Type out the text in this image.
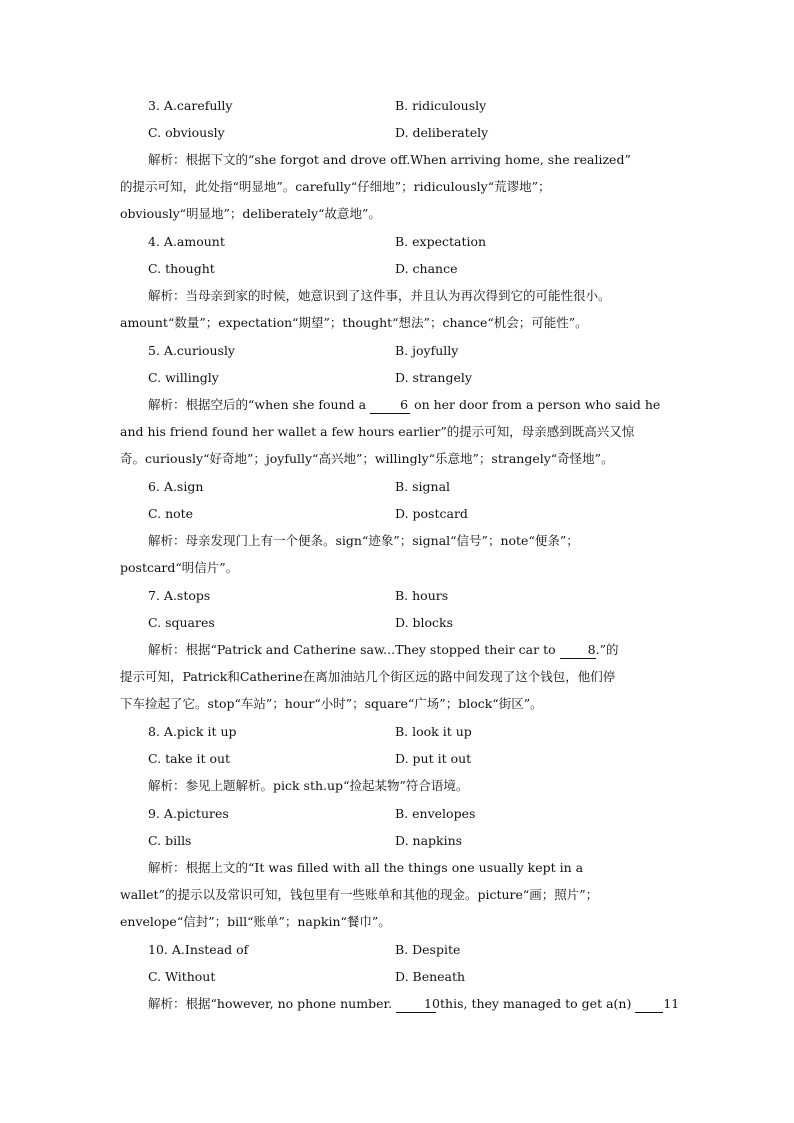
3. A.carefully	B. ridiculously
C. obviously	D. deliberately

解析：根据下文的“she forgot and drove off.When arriving home, she realized”

的提示可知，此处指“明显地”。carefully“仔细地”；ridiculously“荒谬地”；

obviously“明显地”；deliberately“故意地”。

4. A.amount	B. expectation
C. thought	D. chance

解析：当母亲到家的时候，她意识到了这件事，并且认为再次得到它的可能性很小。

amount“数量”；expectation“期望”；thought“想法”；chance“机会；可能性”。

5. A.curiously	B. joyfully
C. willingly	D. strangely

解析：根据空后的“when she found a	6 on her door from a person who said he

and his friend found her wallet a few hours earlier”的提示可知，母亲感到既高兴又惊

奇。curiously“好奇地”；joyfully“高兴地”；willingly“乐意地”；strangely“奇怪地”。

6. A.sign	B. signal
C. note	D. postcard

解析：母亲发现门上有一个便条。sign“迹象”；signal“信号”；note“便条”；

postcard“明信片”。

7. A.stops	B. hours
C. squares	D. blocks

解析：根据“Patrick and Catherine saw...They stopped their car to	8.”的

提示可知，Patrick和Catherine在离加油站几个街区远的路中间发现了这个钱包，他们停

下车捡起了它。stop“车站”；hour“小时”；square“广场”；block“街区”。

8. A.pick it up	B. look it up
C. take it out	D. put it out

解析：参见上题解析。pick sth.up“捡起某物”符合语境。

9. A.pictures	B. envelopes
C. bills	D. napkins

解析：根据上文的“It was filled with all the things one usually kept in a

wallet”的提示以及常识可知，钱包里有一些账单和其他的现金。picture“画；照片”；

envelope“信封”；bill“账单”；napkin“餐巾”。

10. A.Instead of	B. Despite
C. Without	D. Beneath

解析：根据“however, no phone number.	10 this, they managed to get a(n)	11
